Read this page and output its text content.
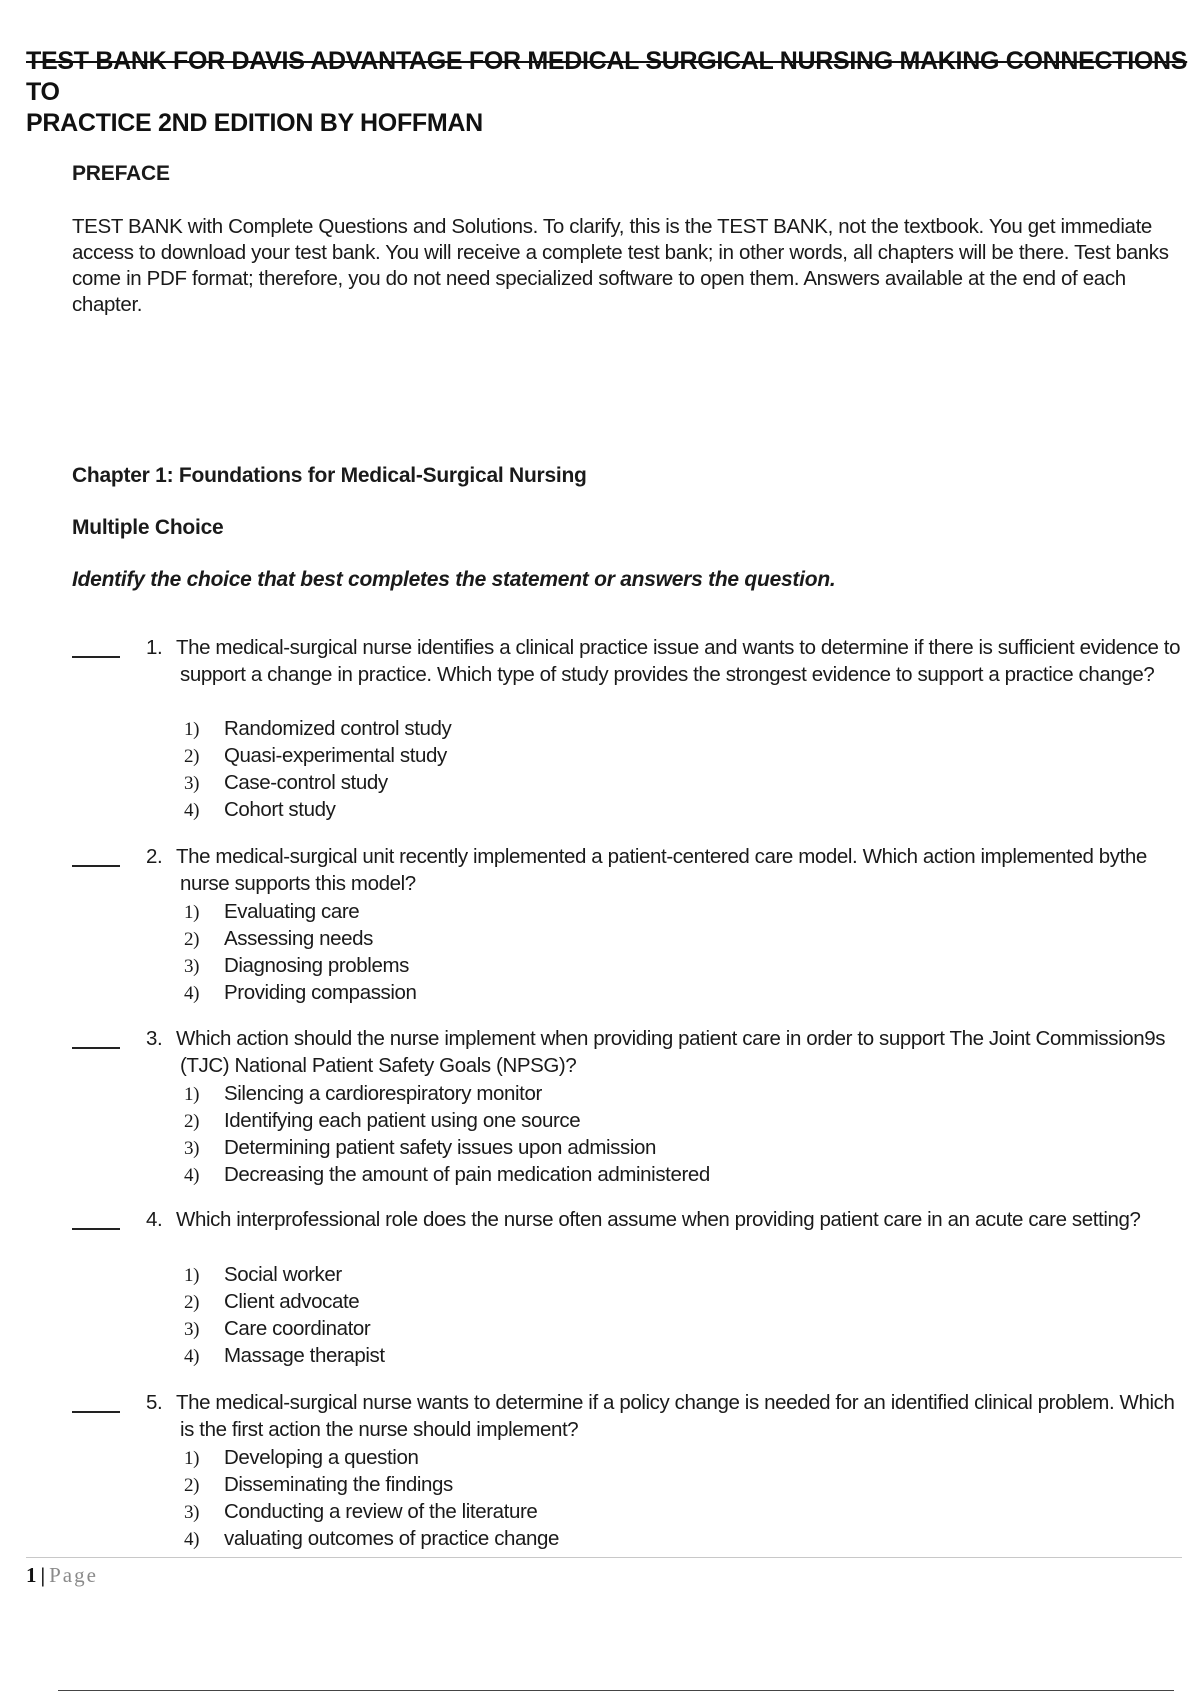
TEST BANK FOR DAVIS ADVANTAGE FOR MEDICAL SURGICAL NURSING MAKING CONNECTIONS
TO
PRACTICE 2ND EDITION BY HOFFMAN
PREFACE

TEST BANK with Complete Questions and Solutions. To clarify, this is the TEST BANK, not the textbook. You get immediate access to download your test bank. You will receive a complete test bank; in other words, all chapters will be there. Test banks come in PDF format; therefore, you do not need specialized software to open them. Answers available at the end of each chapter.

Chapter 1: Foundations for Medical-Surgical Nursing
Multiple Choice
Identify the choice that best completes the statement or answers the question.
1. The medical-surgical nurse identifies a clinical practice issue and wants to determine if there is sufficient evidence to support a change in practice. Which type of study provides the strongest evidence to support a practice change?
1) Randomized control study
2) Quasi-experimental study
3) Case-control study
4) Cohort study
2. The medical-surgical unit recently implemented a patient-centered care model. Which action implemented bythe nurse supports this model?
1) Evaluating care
2) Assessing needs
3) Diagnosing problems
4) Providing compassion
3. Which action should the nurse implement when providing patient care in order to support The Joint Commission9s (TJC) National Patient Safety Goals (NPSG)?
1) Silencing a cardiorespiratory monitor
2) Identifying each patient using one source
3) Determining patient safety issues upon admission
4) Decreasing the amount of pain medication administered
4. Which interprofessional role does the nurse often assume when providing patient care in an acute care setting?
1) Social worker
2) Client advocate
3) Care coordinator
4) Massage therapist
5. The medical-surgical nurse wants to determine if a policy change is needed for an identified clinical problem. Which is the first action the nurse should implement?
1) Developing a question
2) Disseminating the findings
3) Conducting a review of the literature
4) valuating outcomes of practice change
1 | Page
